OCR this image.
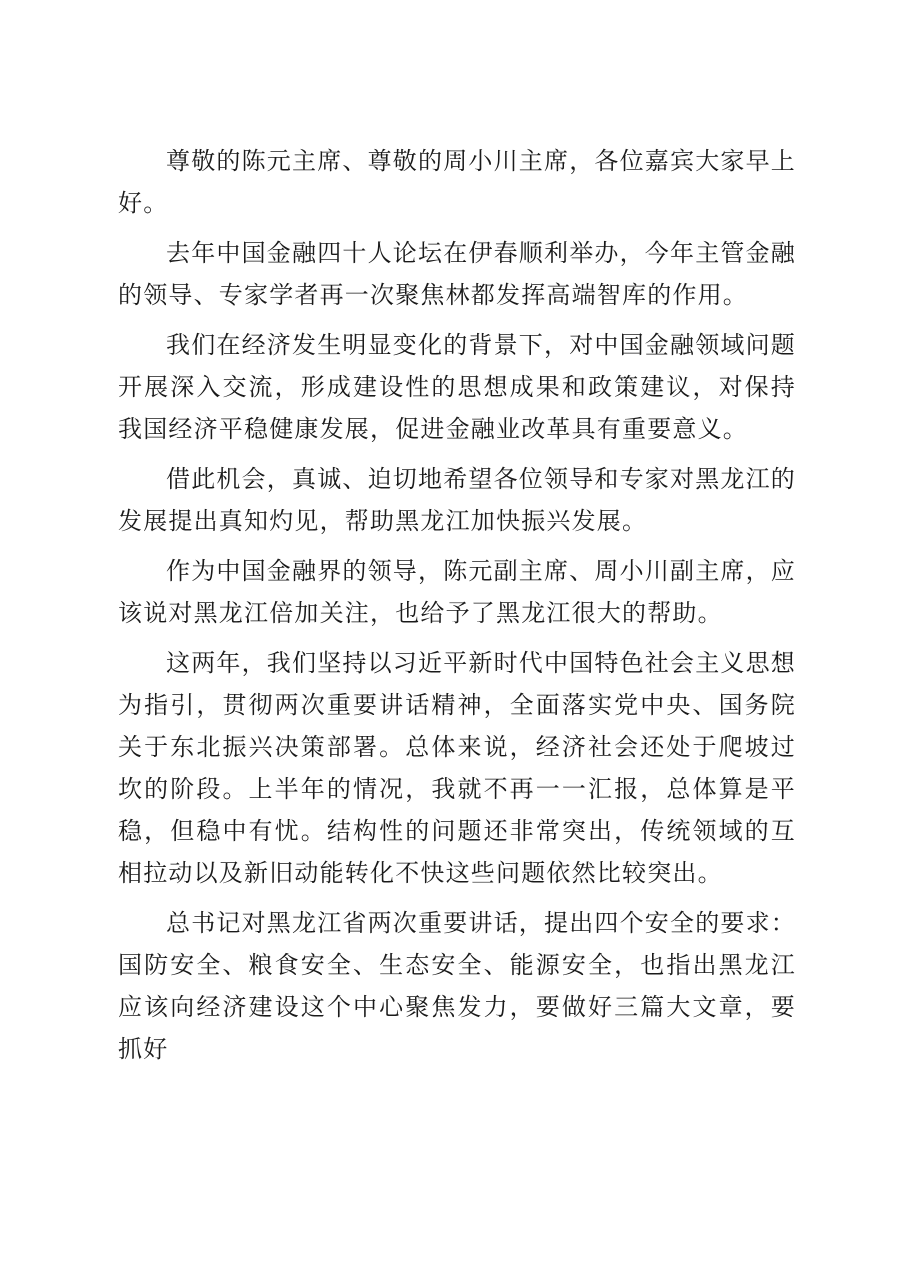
尊敬的陈元主席、尊敬的周小川主席，各位嘉宾大家早上好。

去年中国金融四十人论坛在伊春顺利举办，今年主管金融的领导、专家学者再一次聚焦林都发挥高端智库的作用。

我们在经济发生明显变化的背景下，对中国金融领域问题开展深入交流，形成建设性的思想成果和政策建议，对保持我国经济平稳健康发展，促进金融业改革具有重要意义。

借此机会，真诚、迫切地希望各位领导和专家对黑龙江的发展提出真知灼见，帮助黑龙江加快振兴发展。

作为中国金融界的领导，陈元副主席、周小川副主席，应该说对黑龙江倍加关注，也给予了黑龙江很大的帮助。

这两年，我们坚持以习近平新时代中国特色社会主义思想为指引，贯彻两次重要讲话精神，全面落实党中央、国务院关于东北振兴决策部署。总体来说，经济社会还处于爬坡过坎的阶段。上半年的情况，我就不再一一汇报，总体算是平稳，但稳中有忧。结构性的问题还非常突出，传统领域的互相拉动以及新旧动能转化不快这些问题依然比较突出。

总书记对黑龙江省两次重要讲话，提出四个安全的要求：国防安全、粮食安全、生态安全、能源安全，也指出黑龙江应该向经济建设这个中心聚焦发力，要做好三篇大文章，要抓好
